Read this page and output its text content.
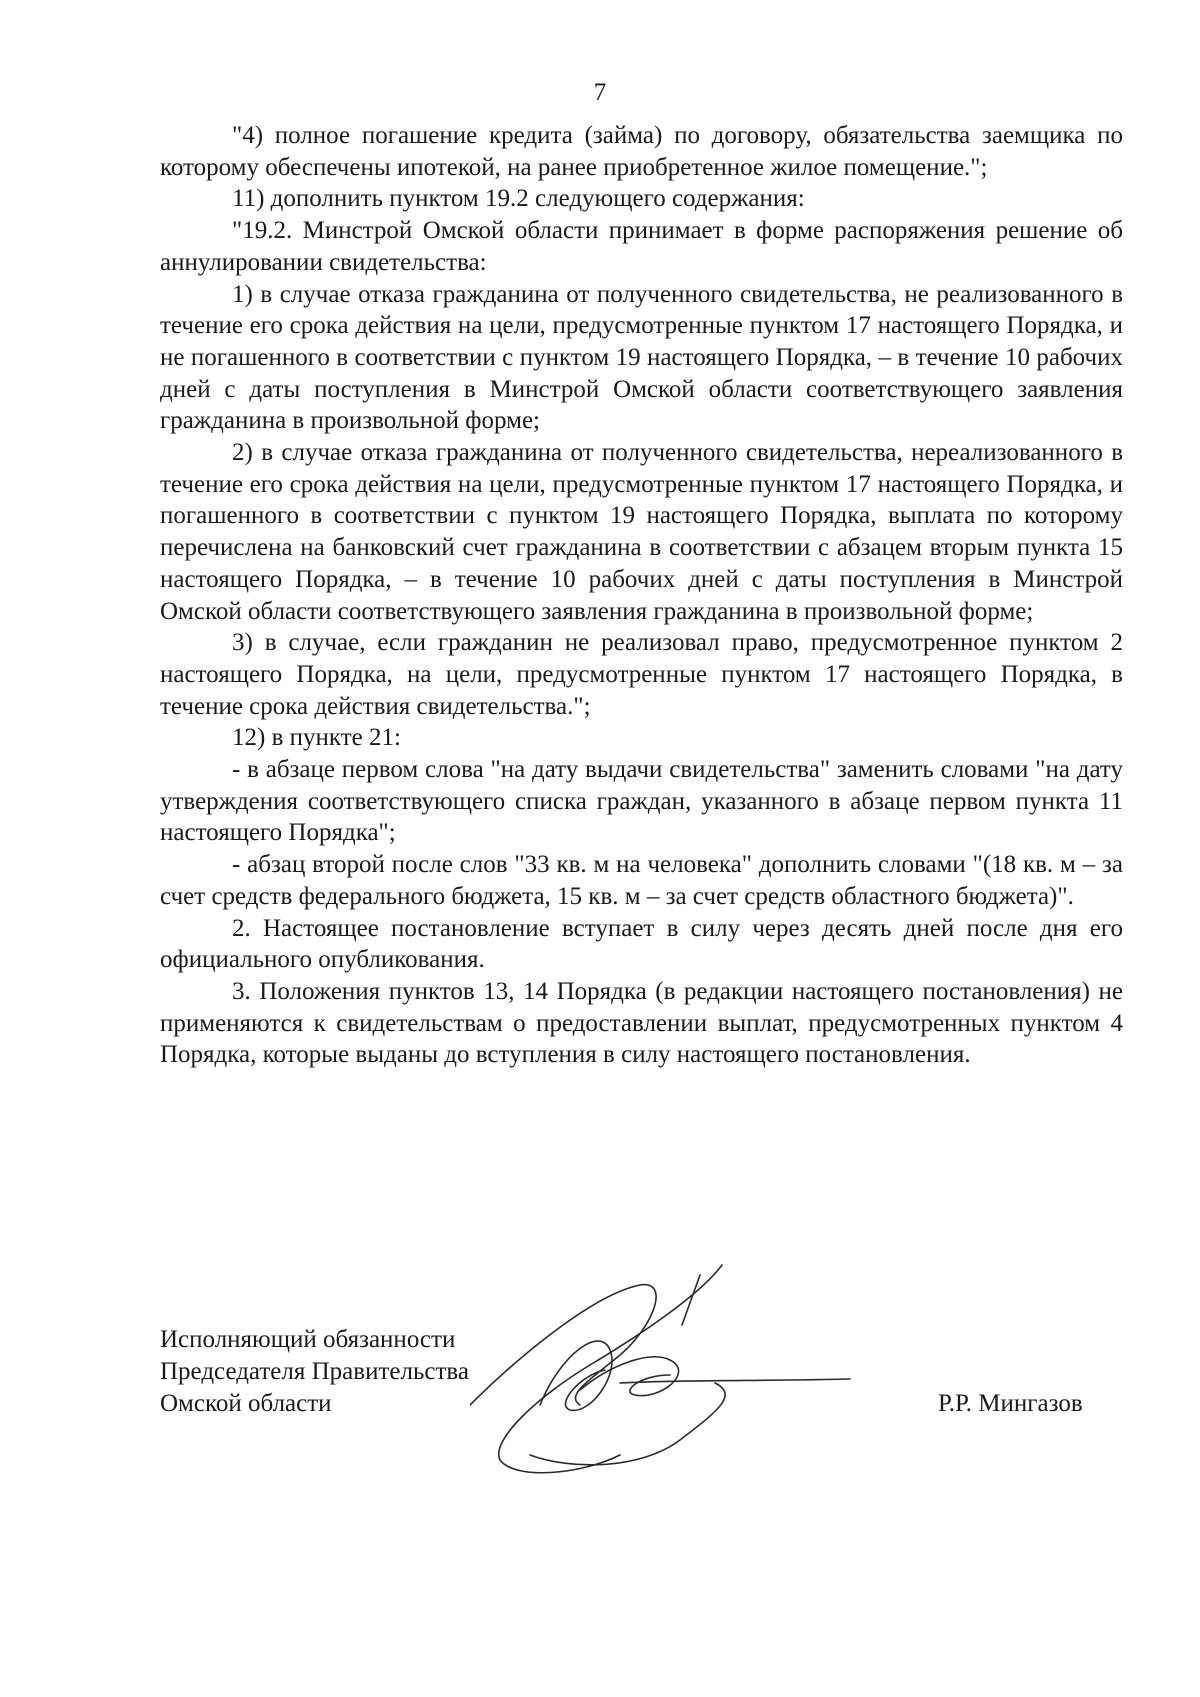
7

"4) полное погашение кредита (займа) по договору, обязательства заемщика по которому обеспечены ипотекой, на ранее приобретенное жилое помещение.";

11) дополнить пунктом 19.2 следующего содержания:

"19.2. Минстрой Омской области принимает в форме распоряжения решение об аннулировании свидетельства:

1) в случае отказа гражданина от полученного свидетельства, не реализованного в течение его срока действия на цели, предусмотренные пунктом 17 настоящего Порядка, и не погашенного в соответствии с пунктом 19 настоящего Порядка, – в течение 10 рабочих дней с даты поступления в Минстрой Омской области соответствующего заявления гражданина в произвольной форме;

2) в случае отказа гражданина от полученного свидетельства, нереализованного в течение его срока действия на цели, предусмотренные пунктом 17 настоящего Порядка, и погашенного в соответствии с пунктом 19 настоящего Порядка, выплата по которому перечислена на банковский счет гражданина в соответствии с абзацем вторым пункта 15 настоящего Порядка, – в течение 10 рабочих дней с даты поступления в Минстрой Омской области соответствующего заявления гражданина в произвольной форме;

3) в случае, если гражданин не реализовал право, предусмотренное пунктом 2 настоящего Порядка, на цели, предусмотренные пунктом 17 настоящего Порядка, в течение срока действия свидетельства.";

12) в пункте 21:

- в абзаце первом слова "на дату выдачи свидетельства" заменить словами "на дату утверждения соответствующего списка граждан, указанного в абзаце первом пункта 11 настоящего Порядка";

- абзац второй после слов "33 кв. м на человека" дополнить словами "(18 кв. м – за счет средств федерального бюджета, 15 кв. м – за счет средств областного бюджета)".

2. Настоящее постановление вступает в силу через десять дней после дня его официального опубликования.

3. Положения пунктов 13, 14 Порядка (в редакции настоящего постановления) не применяются к свидетельствам о предоставлении выплат, предусмотренных пунктом 4 Порядка, которые выданы до вступления в силу настоящего постановления.

Исполняющий обязанности
Председателя Правительства
Омской области	Р.Р. Мингазов
